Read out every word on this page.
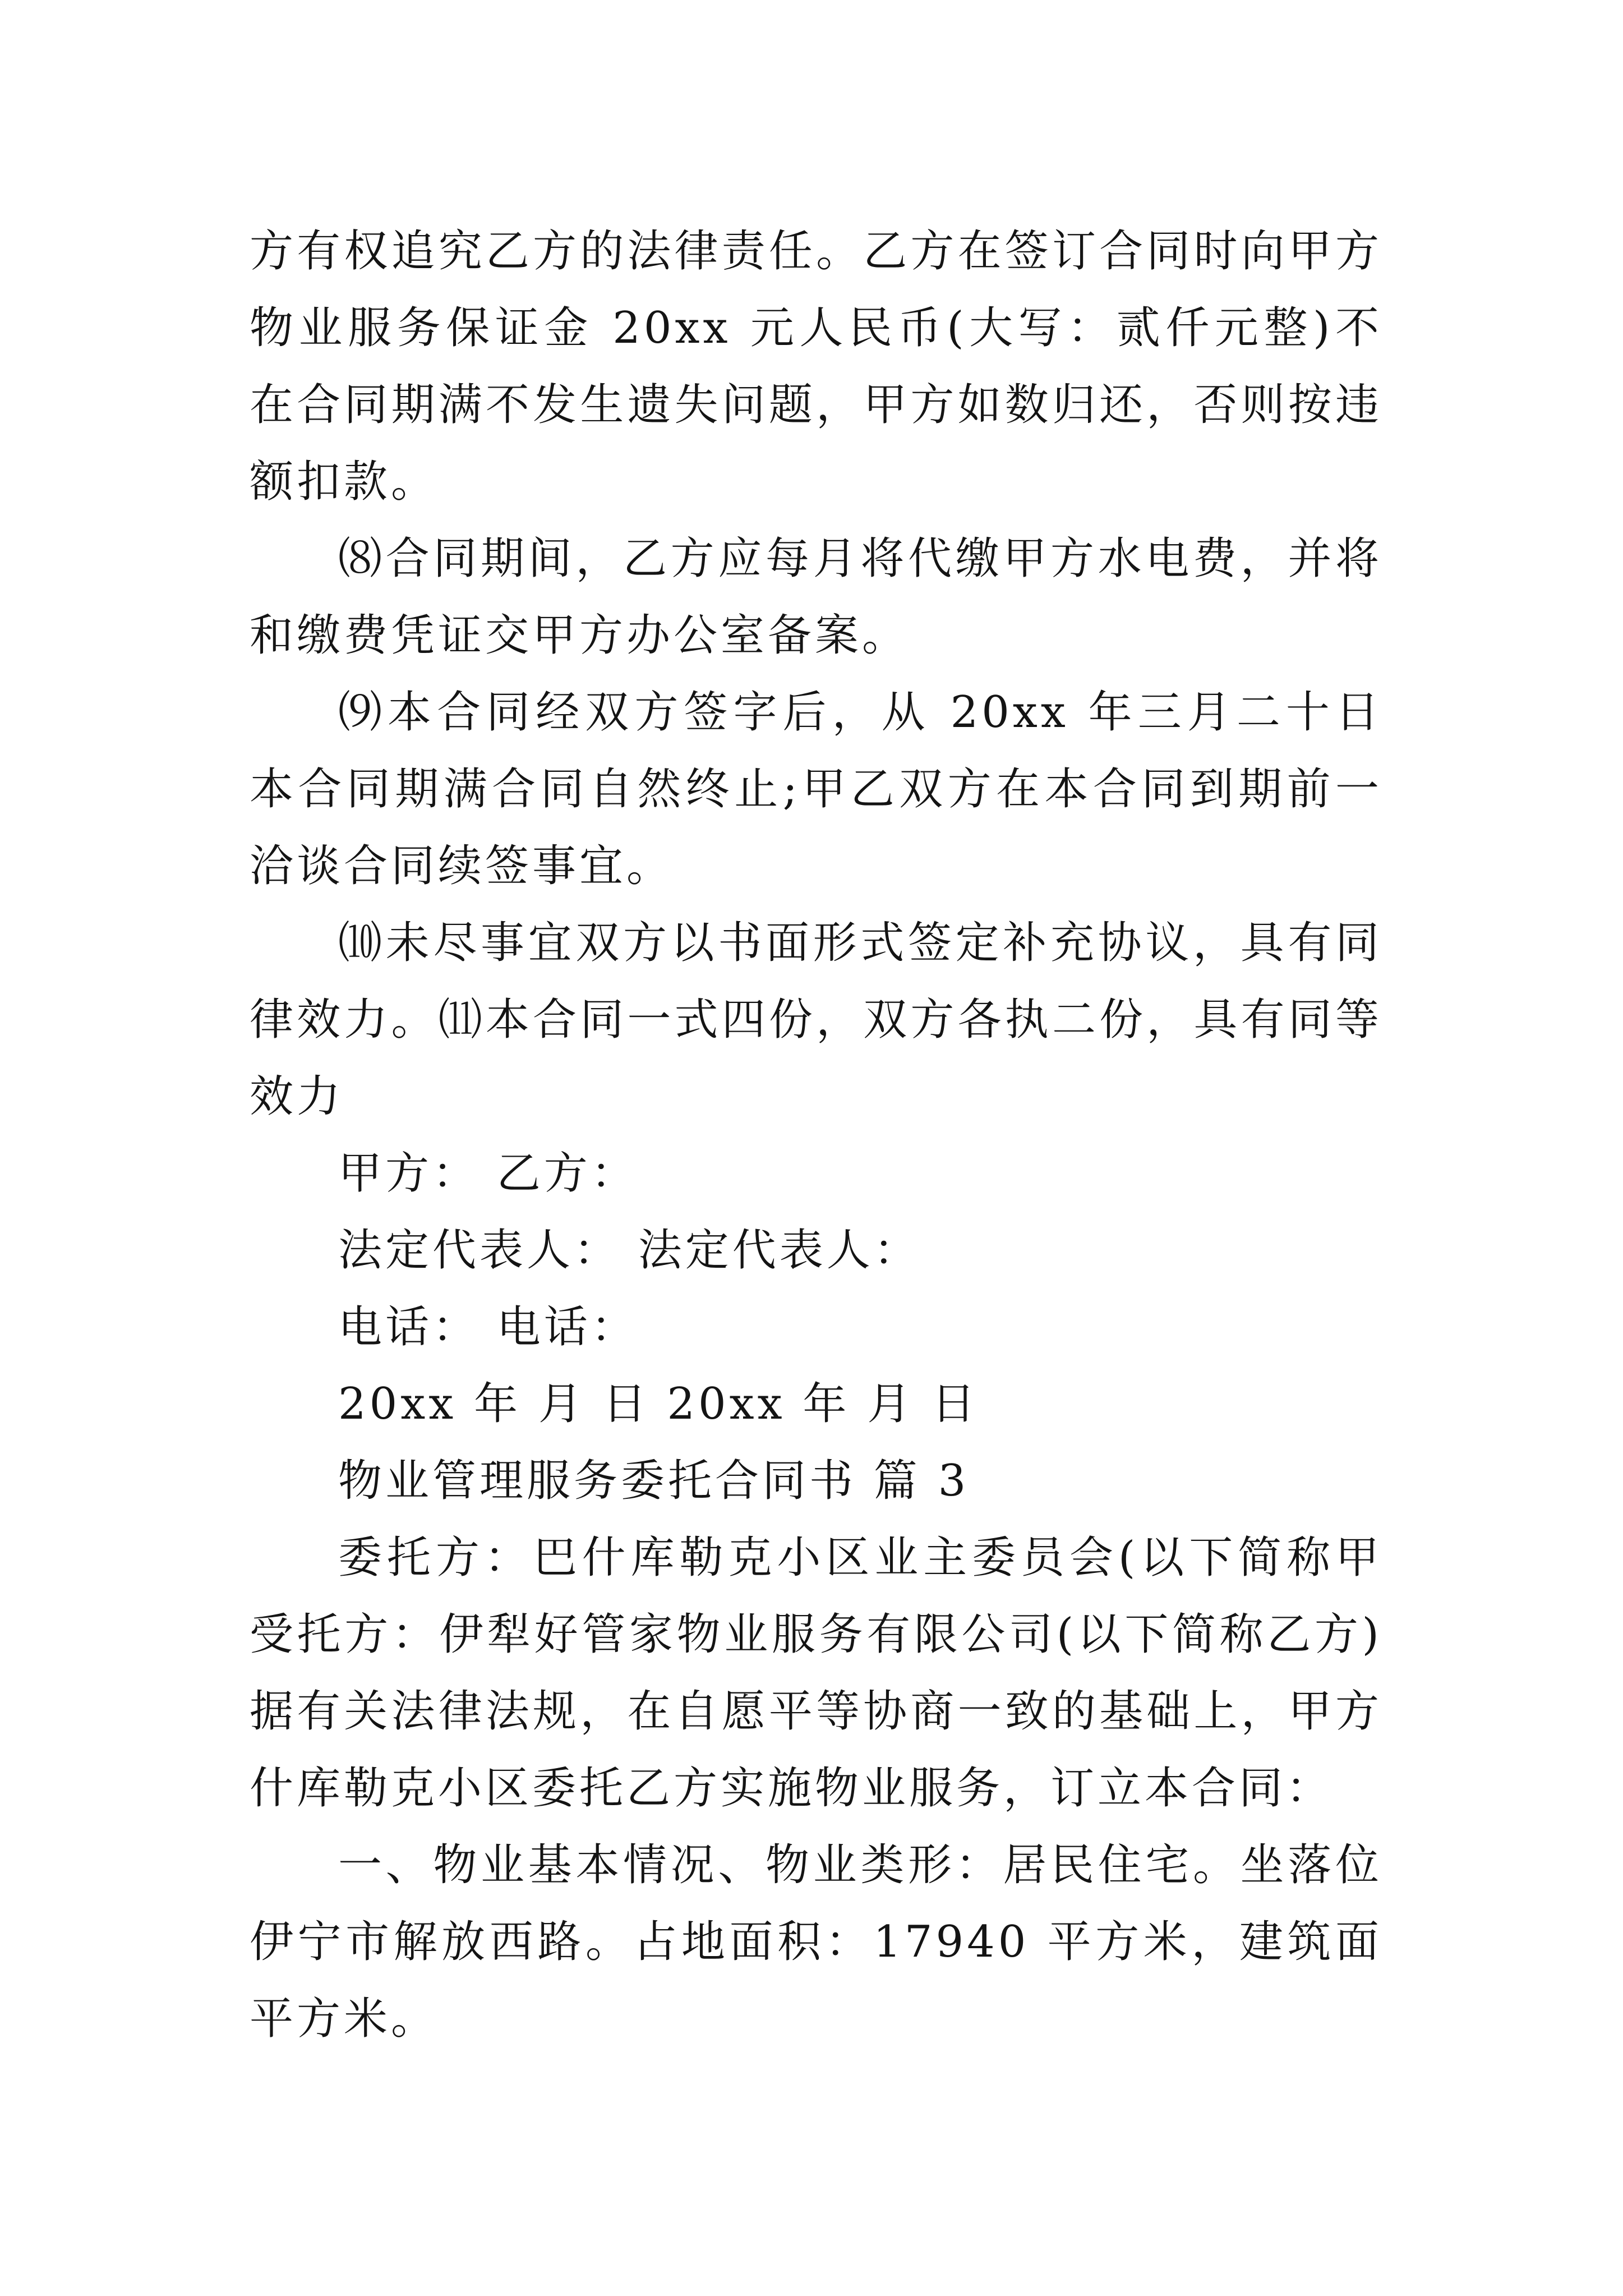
方有权追究乙方的法律责任。乙方在签订合同时向甲方
物业服务保证金 20xx 元人民币(大写：贰仟元整)不
在合同期满不发生遗失问题，甲方如数归还，否则按违
额扣款。
⑻合同期间，乙方应每月将代缴甲方水电费，并将
和缴费凭证交甲方办公室备案。
⑼本合同经双方签字后，从 20xx 年三月二十日
本合同期满合同自然终止;甲乙双方在本合同到期前一
洽谈合同续签事宜。
⑽未尽事宜双方以书面形式签定补充协议，具有同
律效力。⑾本合同一式四份，双方各执二份，具有同等
效力
甲方： 乙方：
法定代表人： 法定代表人：
电话： 电话：
20xx 年 月 日 20xx 年 月 日
物业管理服务委托合同书 篇 3
委托方：巴什库勒克小区业主委员会(以下简称甲
受托方：伊犁好管家物业服务有限公司(以下简称乙方)
据有关法律法规，在自愿平等协商一致的基础上，甲方
什库勒克小区委托乙方实施物业服务，订立本合同：
一、物业基本情况、物业类形：居民住宅。坐落位
伊宁市解放西路。占地面积：17940 平方米，建筑面
平方米。
